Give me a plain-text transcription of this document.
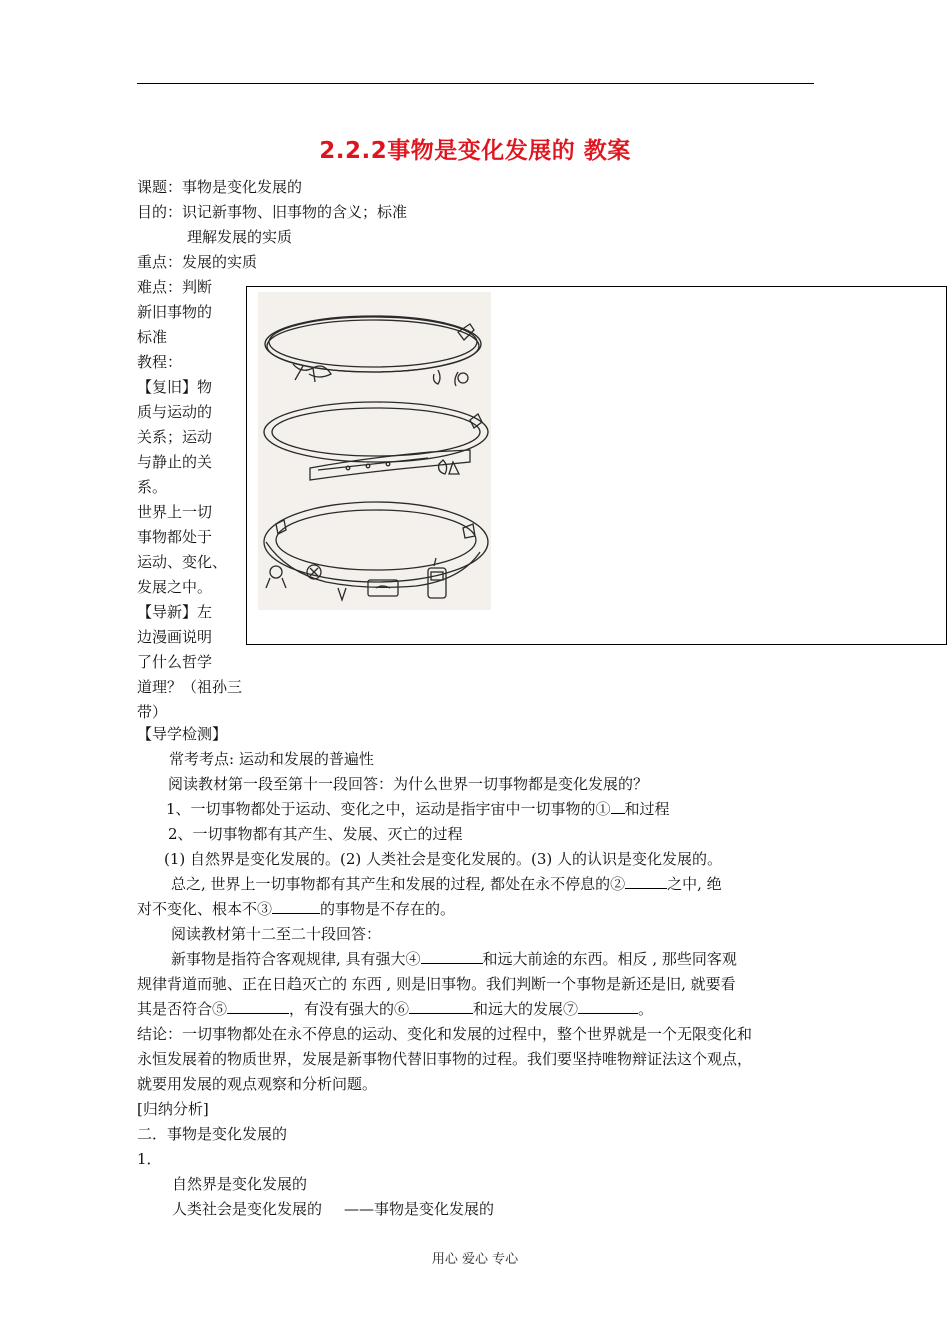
2.2.2事物是变化发展的 教案
课题：事物是变化发展的
目的：识记新事物、旧事物的含义；标准
理解发展的实质
重点：发展的实质
难点：判断
新旧事物的
标准
教程：
【复旧】物
质与运动的
关系；运动
与静止的关
系。
世界上一切
事物都处于
运动、变化、
发展之中。
【导新】左
边漫画说明
了什么哲学
道理？（祖孙三
带）
【导学检测】
常考考点: 运动和发展的普遍性
阅读教材第一段至第十一段回答：为什么世界一切事物都是变化发展的？
1、一切事物都处于运动、变化之中，运动是指宇宙中一切事物的① 和过程
2、一切事物都有其产生、发展、灭亡的过程
(1) 自然界是变化发展的。(2) 人类社会是变化发展的。(3) 人的认识是变化发展的。
总之, 世界上一切事物都有其产生和发展的过程, 都处在永不停息的②	之中, 绝
对不变化、根本不③	的事物是不存在的。
阅读教材第十二至二十段回答：
新事物是指符合客观规律, 具有强大④	和远大前途的东西。相反 , 那些同客观
规律背道而驰、正在日趋灭亡的 东西 , 则是旧事物。我们判断一个事物是新还是旧, 就要看
其是否符合⑤	，有没有强大的⑥	和远大的发展⑦	。
结论：一切事物都处在永不停息的运动、变化和发展的过程中，整个世界就是一个无限变化和
永恒发展着的物质世界，发展是新事物代替旧事物的过程。我们要坚持唯物辩证法这个观点，
就要用发展的观点观察和分析问题。
[归纳分析]
二．事物是变化发展的
1．
自然界是变化发展的
人类社会是变化发展的 ——事物是变化发展的
用心 爱心 专心
